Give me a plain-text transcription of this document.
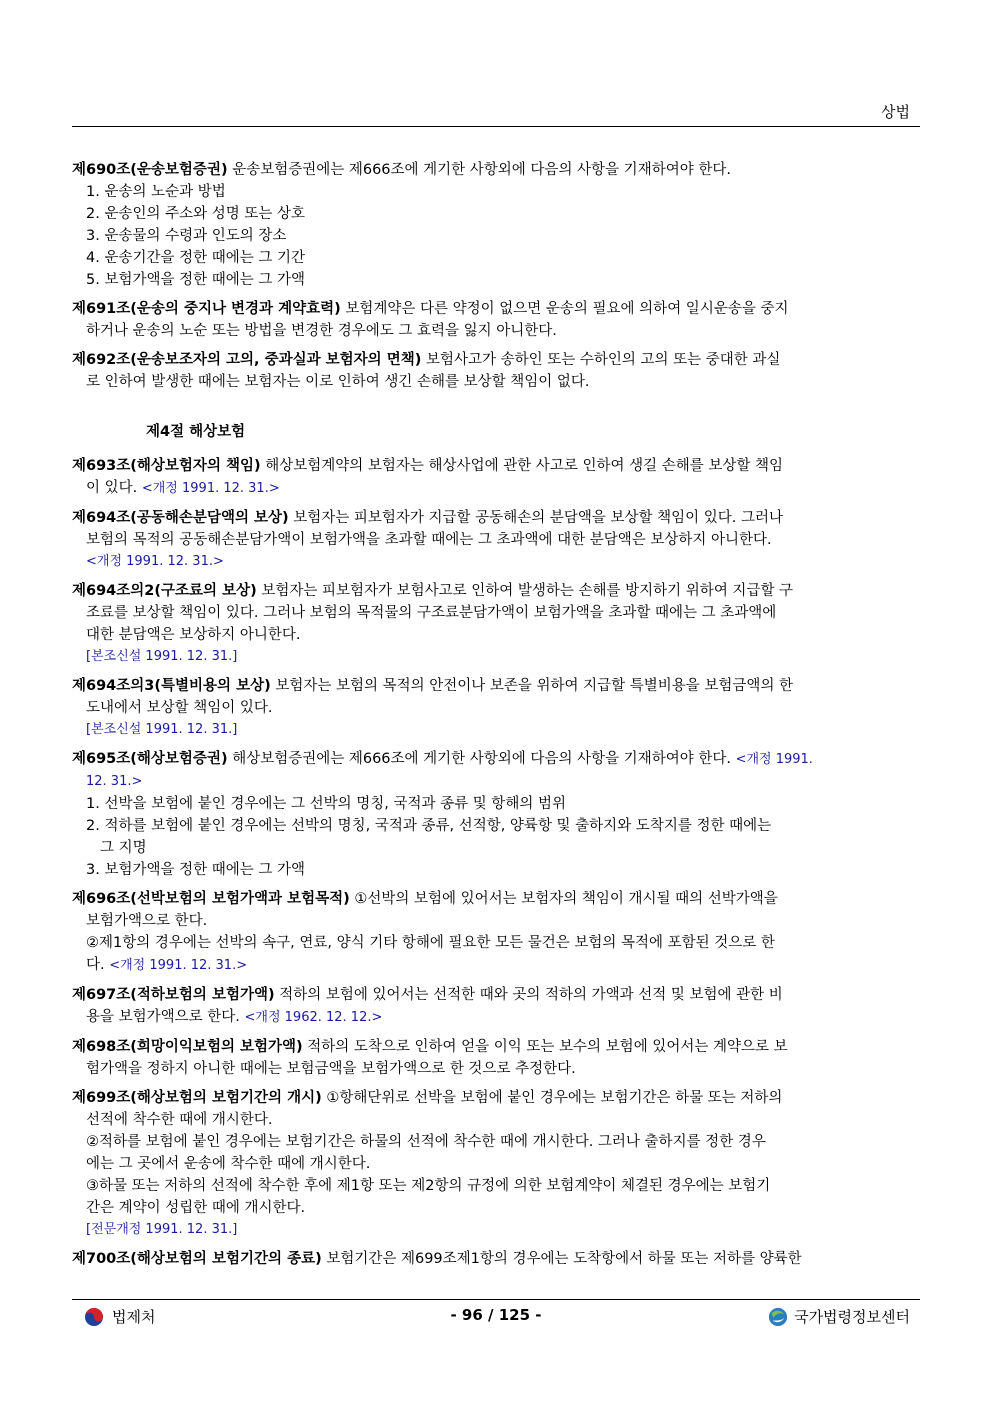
상법
제690조(운송보험증권) 운송보험증권에는 제666조에 게기한 사항외에 다음의 사항을 기재하여야 한다.
1. 운송의 노순과 방법
2. 운송인의 주소와 성명 또는 상호
3. 운송물의 수령과 인도의 장소
4. 운송기간을 정한 때에는 그 기간
5. 보험가액을 정한 때에는 그 가액
제691조(운송의 중지나 변경과 계약효력) 보험계약은 다른 약정이 없으면 운송의 필요에 의하여 일시운송을 중지
하거나 운송의 노순 또는 방법을 변경한 경우에도 그 효력을 잃지 아니한다.
제692조(운송보조자의 고의, 중과실과 보험자의 면책) 보험사고가 송하인 또는 수하인의 고의 또는 중대한 과실
로 인하여 발생한 때에는 보험자는 이로 인하여 생긴 손해를 보상할 책임이 없다.
제4절 해상보험
제693조(해상보험자의 책임) 해상보험계약의 보험자는 해상사업에 관한 사고로 인하여 생길 손해를 보상할 책임
이 있다. <개정 1991. 12. 31.>
제694조(공동해손분담액의 보상) 보험자는 피보험자가 지급할 공동해손의 분담액을 보상할 책임이 있다. 그러나
보험의 목적의 공동해손분담가액이 보험가액을 초과할 때에는 그 초과액에 대한 분담액은 보상하지 아니한다.
<개정 1991. 12. 31.>
제694조의2(구조료의 보상) 보험자는 피보험자가 보험사고로 인하여 발생하는 손해를 방지하기 위하여 지급할 구
조료를 보상할 책임이 있다. 그러나 보험의 목적물의 구조료분담가액이 보험가액을 초과할 때에는 그 초과액에
대한 분담액은 보상하지 아니한다.
[본조신설 1991. 12. 31.]
제694조의3(특별비용의 보상) 보험자는 보험의 목적의 안전이나 보존을 위하여 지급할 특별비용을 보험금액의 한
도내에서 보상할 책임이 있다.
[본조신설 1991. 12. 31.]
제695조(해상보험증권) 해상보험증권에는 제666조에 게기한 사항외에 다음의 사항을 기재하여야 한다. <개정 1991.
12. 31.>
1. 선박을 보험에 붙인 경우에는 그 선박의 명칭, 국적과 종류 및 항해의 범위
2. 적하를 보험에 붙인 경우에는 선박의 명칭, 국적과 종류, 선적항, 양륙항 및 출하지와 도착지를 정한 때에는
그 지명
3. 보험가액을 정한 때에는 그 가액
제696조(선박보험의 보험가액과 보험목적) ①선박의 보험에 있어서는 보험자의 책임이 개시될 때의 선박가액을
보험가액으로 한다.
②제1항의 경우에는 선박의 속구, 연료, 양식 기타 항해에 필요한 모든 물건은 보험의 목적에 포함된 것으로 한
다. <개정 1991. 12. 31.>
제697조(적하보험의 보험가액) 적하의 보험에 있어서는 선적한 때와 곳의 적하의 가액과 선적 및 보험에 관한 비
용을 보험가액으로 한다. <개정 1962. 12. 12.>
제698조(희망이익보험의 보험가액) 적하의 도착으로 인하여 얻을 이익 또는 보수의 보험에 있어서는 계약으로 보
험가액을 정하지 아니한 때에는 보험금액을 보험가액으로 한 것으로 추정한다.
제699조(해상보험의 보험기간의 개시) ①항해단위로 선박을 보험에 붙인 경우에는 보험기간은 하물 또는 저하의
선적에 착수한 때에 개시한다.
②적하를 보험에 붙인 경우에는 보험기간은 하물의 선적에 착수한 때에 개시한다. 그러나 출하지를 정한 경우
에는 그 곳에서 운송에 착수한 때에 개시한다.
③하물 또는 저하의 선적에 착수한 후에 제1항 또는 제2항의 규정에 의한 보험계약이 체결된 경우에는 보험기
간은 계약이 성립한 때에 개시한다.
[전문개정 1991. 12. 31.]
제700조(해상보험의 보험기간의 종료) 보험기간은 제699조제1항의 경우에는 도착항에서 하물 또는 저하를 양륙한
법제처	- 96 / 125 -	국가법령정보센터
